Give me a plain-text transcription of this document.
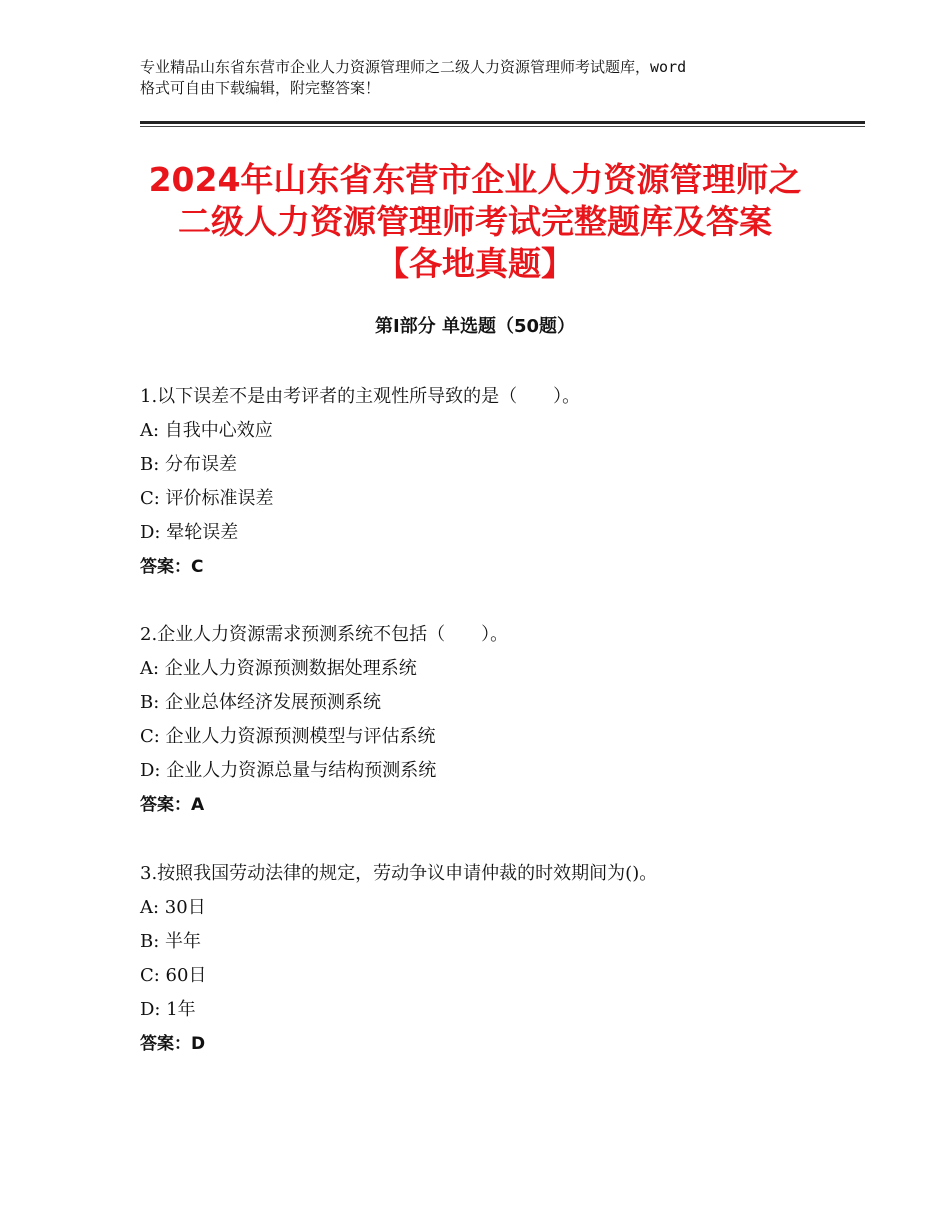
专业精品山东省东营市企业人力资源管理师之二级人力资源管理师考试题库，word
格式可自由下载编辑，附完整答案！
2024年山东省东营市企业人力资源管理师之
二级人力资源管理师考试完整题库及答案
【各地真题】
第Ⅰ部分 单选题（50题）
1.以下误差不是由考评者的主观性所导致的是（　　）。
A: 自我中心效应
B: 分布误差
C: 评价标准误差
D: 晕轮误差
答案：C
2.企业人力资源需求预测系统不包括（　　）。
A: 企业人力资源预测数据处理系统
B: 企业总体经济发展预测系统
C: 企业人力资源预测模型与评估系统
D: 企业人力资源总量与结构预测系统
答案：A
3.按照我国劳动法律的规定，劳动争议申请仲裁的时效期间为()。
A: 30日
B: 半年
C: 60日
D: 1年
答案：D
